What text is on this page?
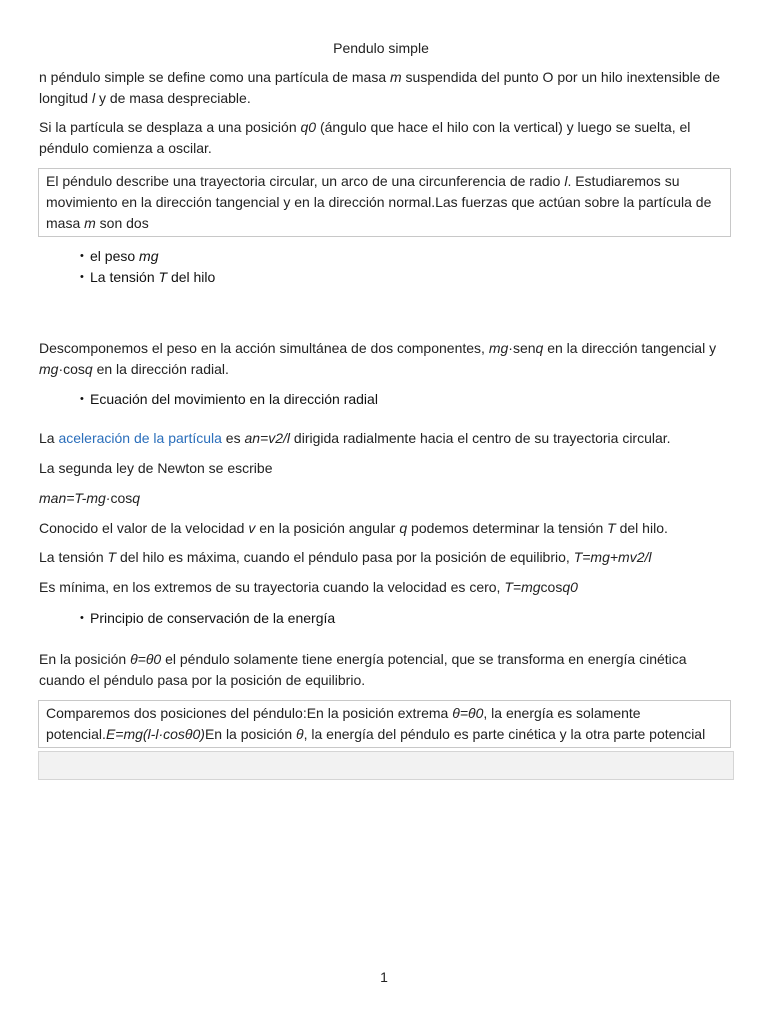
Pendulo simple

n péndulo simple se define como una partícula de masa m suspendida del punto O por un hilo inextensible de longitud l y de masa despreciable.

Si la partícula se desplaza a una posición q0 (ángulo que hace el hilo con la vertical) y luego se suelta, el péndulo comienza a oscilar.

El péndulo describe una trayectoria circular, un arco de una circunferencia de radio l. Estudiaremos su movimiento en la dirección tangencial y en la dirección normal.Las fuerzas que actúan sobre la partícula de masa m son dos
• el peso mg
• La tensión T del hilo

Descomponemos el peso en la acción simultánea de dos componentes, mg·senq en la dirección tangencial y mg·cosq en la dirección radial.

• Ecuación del movimiento en la dirección radial

La aceleración de la partícula es an=v2/l dirigida radialmente hacia el centro de su trayectoria circular.

La segunda ley de Newton se escribe

man=T-mg·cosq

Conocido el valor de la velocidad v en la posición angular q podemos determinar la tensión T del hilo.

La tensión T del hilo es máxima, cuando el péndulo pasa por la posición de equilibrio, T=mg+mv2/l

Es mínima, en los extremos de su trayectoria cuando la velocidad es cero, T=mgcosq0

• Principio de conservación de la energía

En la posición θ=θ0 el péndulo solamente tiene energía potencial, que se transforma en energía cinética cuando el péndulo pasa por la posición de equilibrio.

Comparemos dos posiciones del péndulo:En la posición extrema θ=θ0, la energía es solamente potencial.E=mg(l-l·cosθ0)En la posición θ, la energía del péndulo es parte cinética y la otra parte potencial
1
